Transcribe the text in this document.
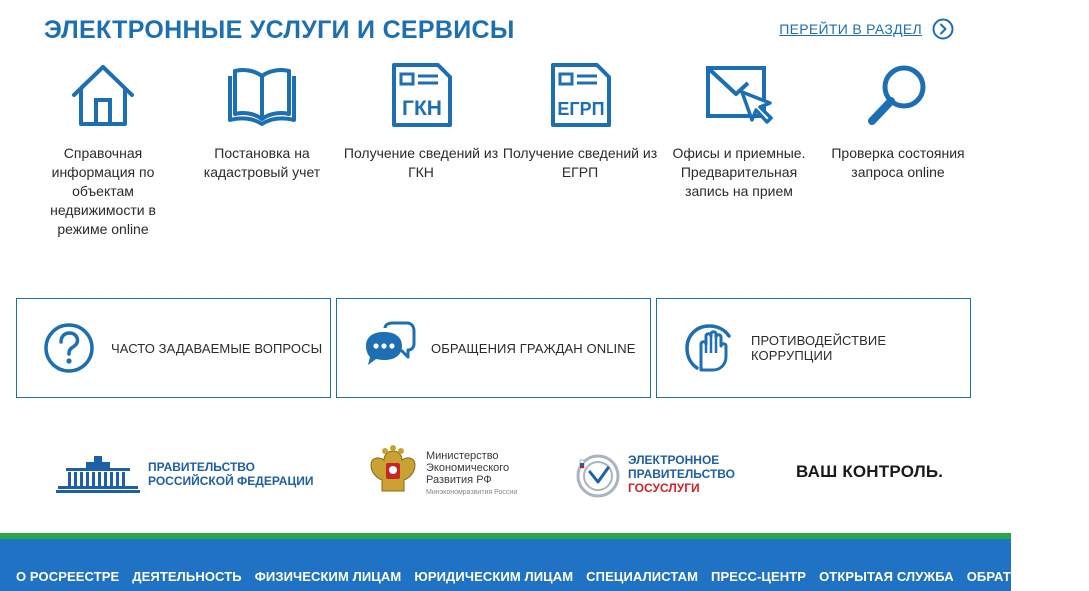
ЭЛЕКТРОННЫЕ УСЛУГИ И СЕРВИСЫ	ПЕРЕЙТИ В РАЗДЕЛ
Справочная информация по объектам недвижимости в режиме online
Постановка на кадастровый учет
ГКН
Получение сведений из ГКН
ЕГРП
Получение сведений из ЕГРП
Офисы и приемные. Предварительная запись на прием
Проверка состояния запроса online
ЧАСТО ЗАДАВАЕМЫЕ ВОПРОСЫ	ОБРАЩЕНИЯ ГРАЖДАН ONLINE	ПРОТИВОДЕЙСТВИЕ КОРРУПЦИИ
ПРАВИТЕЛЬСТВО
РОССИЙСКОЙ ФЕДЕРАЦИИ
Министерство
Экономического
Развития РФ
Минэкономразвития России
ЭЛЕКТРОННОЕ
ПРАВИТЕЛЬСТВО
ГОСУСЛУГИ
ВАШ КОНТРОЛЬ.
О РОСРЕЕСТРЕ ДЕЯТЕЛЬНОСТЬ ФИЗИЧЕСКИМ ЛИЦАМ ЮРИДИЧЕСКИМ ЛИЦАМ СПЕЦИАЛИСТАМ ПРЕСС-ЦЕНТР ОТКРЫТАЯ СЛУЖБА ОБРАТНАЯ СВЯЗЬ
